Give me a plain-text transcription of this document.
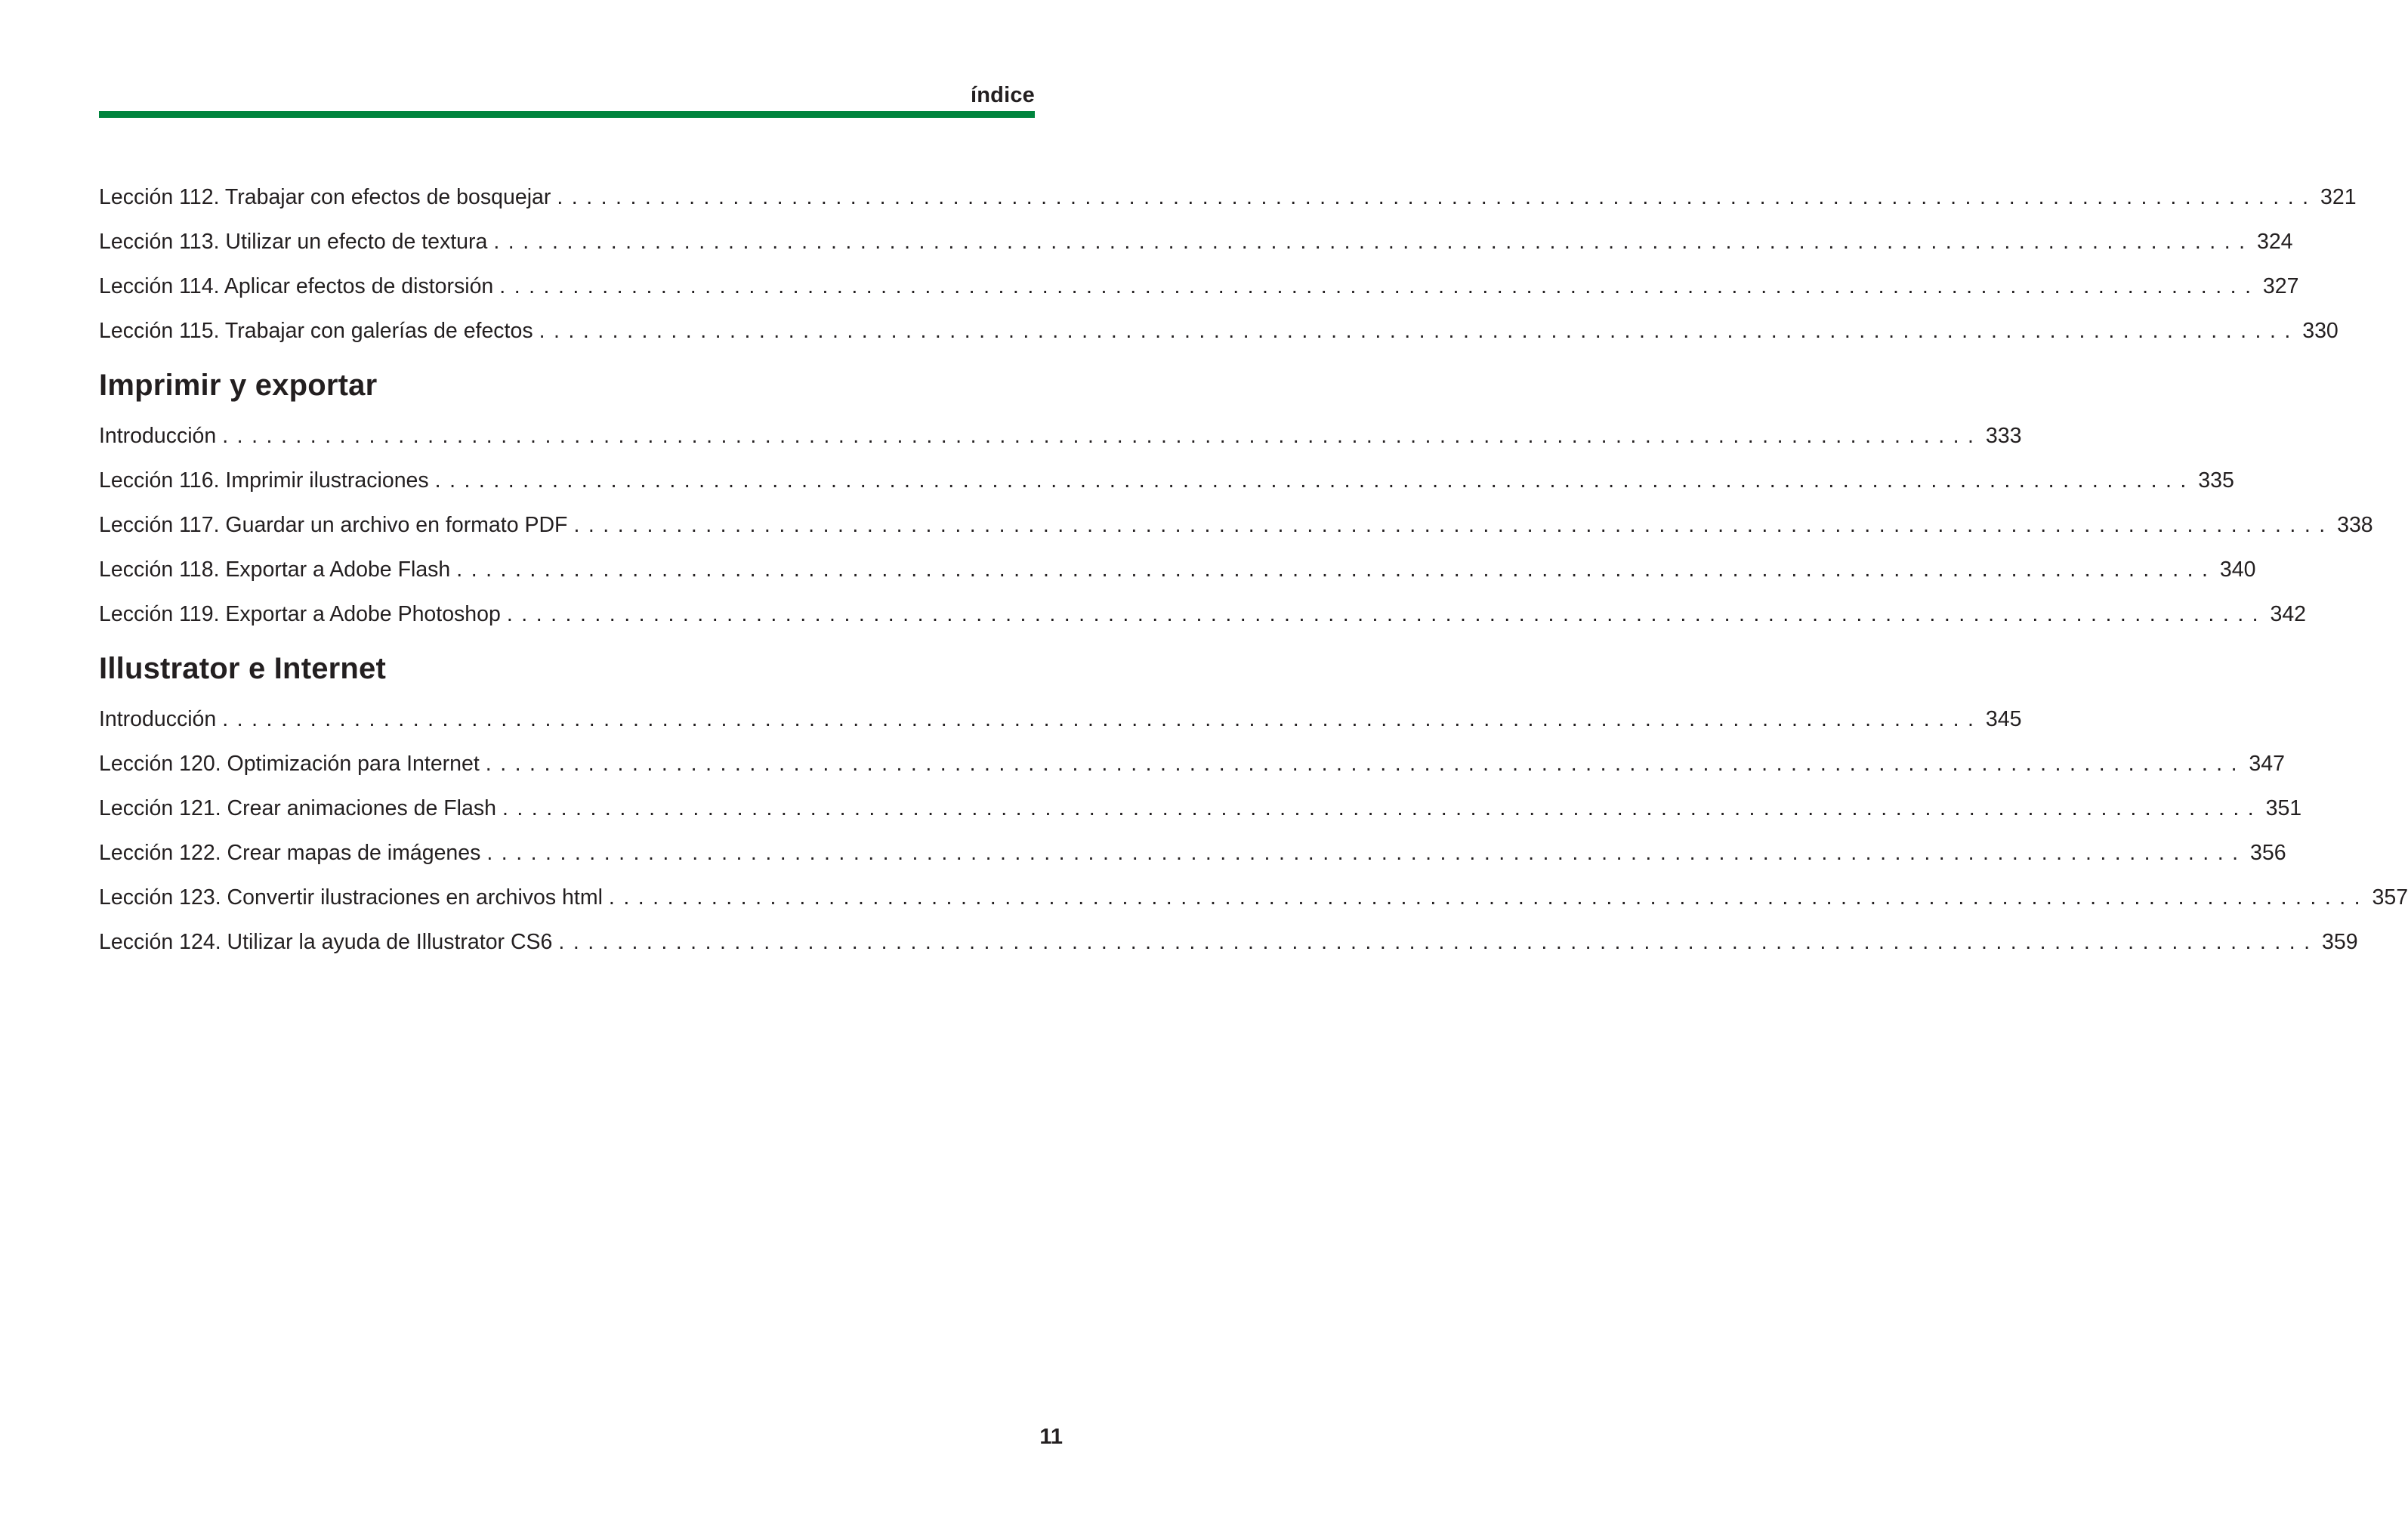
índice
Lección 112. Trabajar con efectos de bosquejar ........................................................................................................................ 321
Lección 113. Utilizar un efecto de textura ........................................................................................................................ 324
Lección 114. Aplicar efectos de distorsión ........................................................................................................................ 327
Lección 115. Trabajar con galerías de efectos ........................................................................................................................ 330
Imprimir y exportar
Introducción ........................................................................................................................ 333
Lección 116. Imprimir ilustraciones ........................................................................................................................ 335
Lección 117. Guardar un archivo en formato PDF ........................................................................................................................ 338
Lección 118. Exportar a Adobe Flash ........................................................................................................................ 340
Lección 119. Exportar a Adobe Photoshop ........................................................................................................................ 342
Illustrator e Internet
Introducción ........................................................................................................................ 345
Lección 120. Optimización para Internet ........................................................................................................................ 347
Lección 121. Crear animaciones de Flash ........................................................................................................................ 351
Lección 122. Crear mapas de imágenes ........................................................................................................................ 356
Lección 123. Convertir ilustraciones en archivos html ........................................................................................................................ 357
Lección 124. Utilizar la ayuda de Illustrator CS6 ........................................................................................................................ 359
11
